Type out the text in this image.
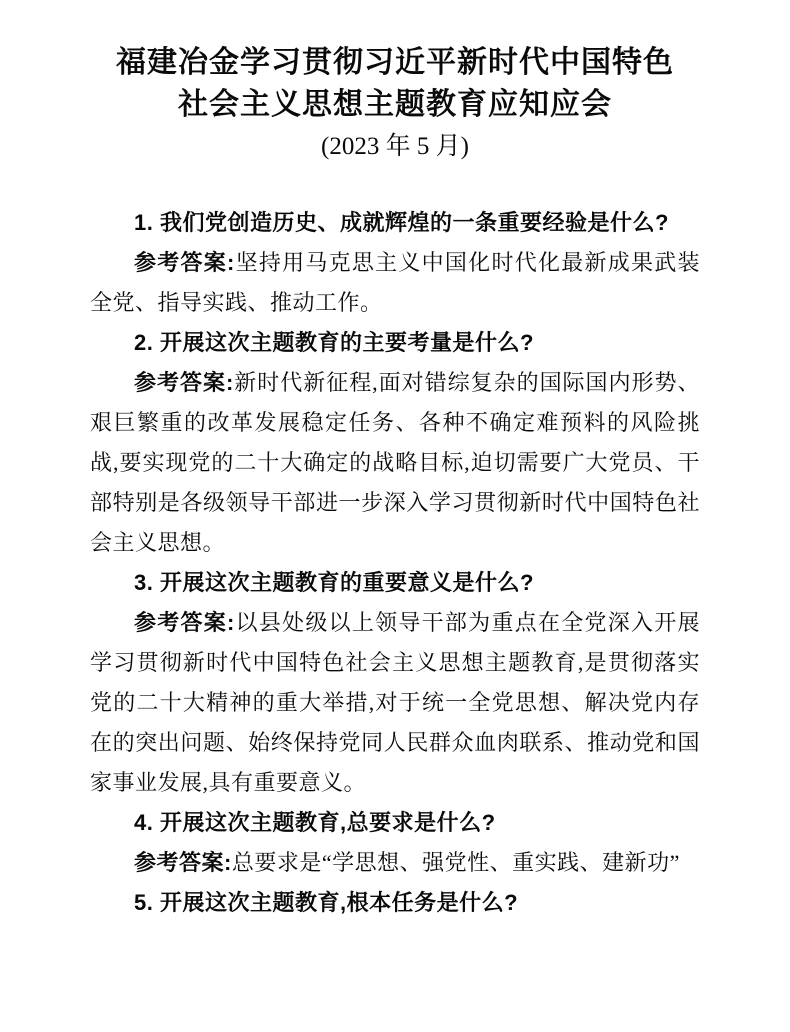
福建冶金学习贯彻习近平新时代中国特色
社会主义思想主题教育应知应会

(2023 年 5 月)

1. 我们党创造历史、成就辉煌的一条重要经验是什么?

参考答案:坚持用马克思主义中国化时代化最新成果武装全党、指导实践、推动工作。

2. 开展这次主题教育的主要考量是什么?

参考答案:新时代新征程,面对错综复杂的国际国内形势、艰巨繁重的改革发展稳定任务、各种不确定难预料的风险挑战,要实现党的二十大确定的战略目标,迫切需要广大党员、干部特别是各级领导干部进一步深入学习贯彻新时代中国特色社会主义思想。

3. 开展这次主题教育的重要意义是什么?

参考答案:以县处级以上领导干部为重点在全党深入开展学习贯彻新时代中国特色社会主义思想主题教育,是贯彻落实党的二十大精神的重大举措,对于统一全党思想、解决党内存在的突出问题、始终保持党同人民群众血肉联系、推动党和国家事业发展,具有重要意义。

4. 开展这次主题教育,总要求是什么?

参考答案:总要求是“学思想、强党性、重实践、建新功”

5. 开展这次主题教育,根本任务是什么?
